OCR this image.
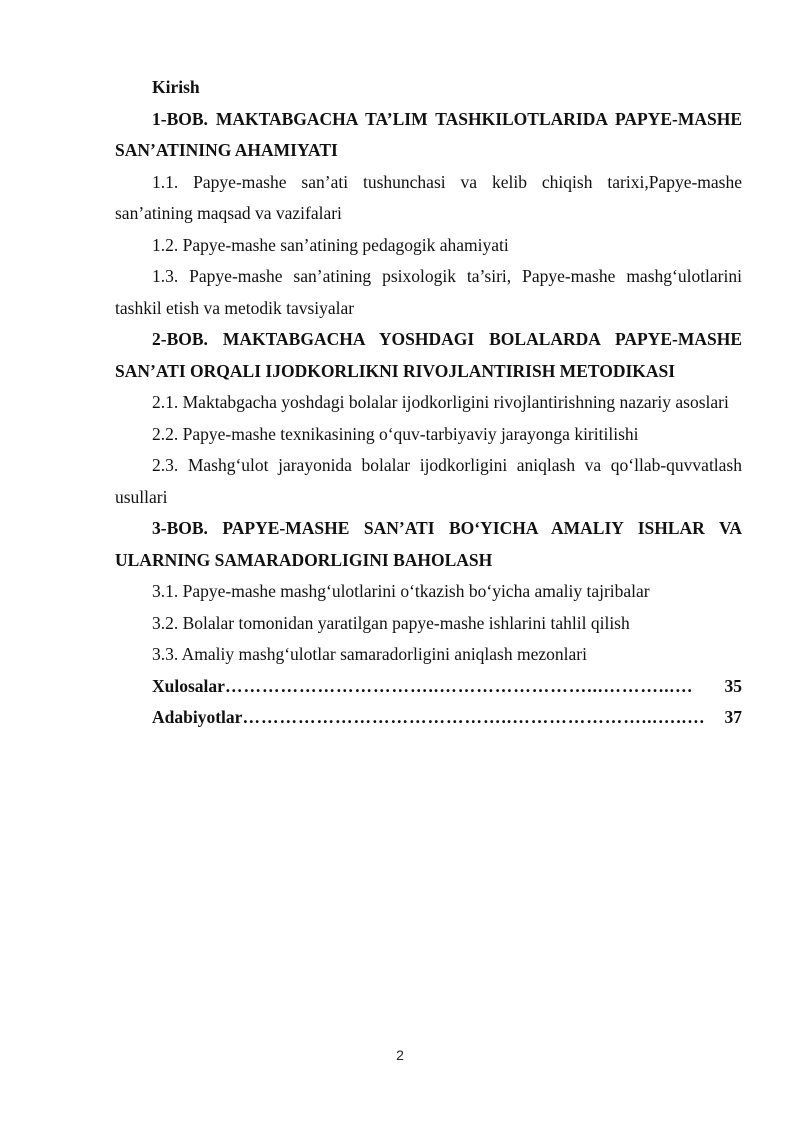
Kirish

1-BOB. MAKTABGACHA TA’LIM TASHKILOTLARIDA PAPYE-MASHE SAN’ATINING AHAMIYATI

1.1. Papye-mashe san’ati tushunchasi va kelib chiqish tarixi,Papye-mashe san’atining maqsad va vazifalari

1.2. Papye-mashe san’atining pedagogik ahamiyati

1.3. Papye-mashe san’atining psixologik ta’siri, Papye-mashe mashg‘ulotlarini tashkil etish va metodik tavsiyalar

2-BOB. MAKTABGACHA YOSHDAGI BOLALARDA PAPYE-MASHE SAN’ATI ORQALI IJODKORLIKNI RIVOJLANTIRISH METODIKASI

2.1. Maktabgacha yoshdagi bolalar ijodkorligini rivojlantirishning nazariy asoslari

2.2. Papye-mashe texnikasining o‘quv-tarbiyaviy jarayonga kiritilishi

2.3. Mashg‘ulot jarayonida bolalar ijodkorligini aniqlash va qo‘llab-quvvatlash usullari

3-BOB. PAPYE-MASHE SAN’ATI BO‘YICHA AMALIY ISHLAR VA ULARNING SAMARADORLIGINI BAHOLASH

3.1. Papye-mashe mashg‘ulotlarini o‘tkazish bo‘yicha amaliy tajribalar

3.2. Bolalar tomonidan yaratilgan papye-mashe ishlarini tahlil qilish

3.3. Amaliy mashg‘ulotlar samaradorligini aniqlash mezonlari

Xulosalar ……………………………..……………………...………...…	35
Adabiyotlar ……………………………………..…………………...…..…	37
2
